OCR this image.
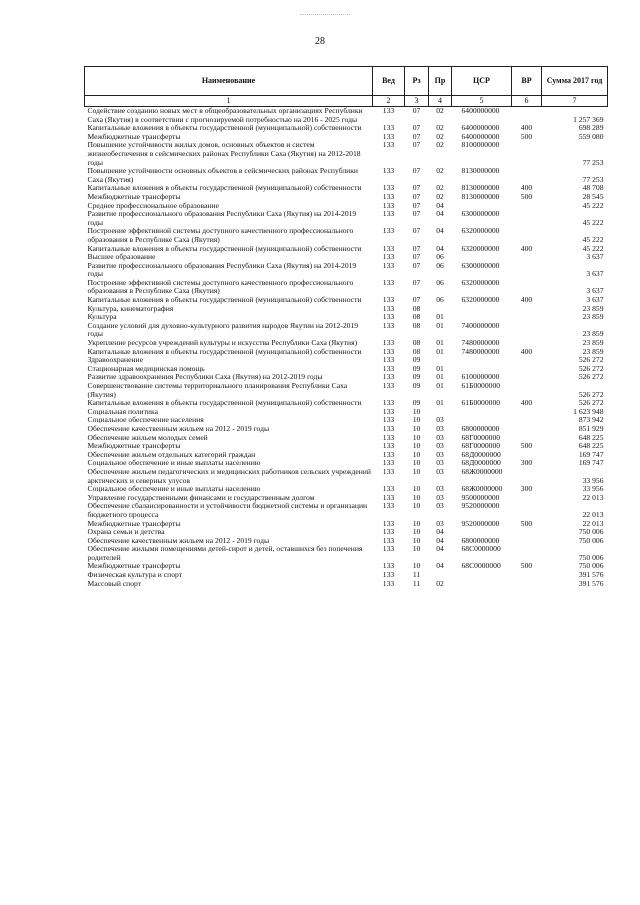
28
Наименование	Вед	Рз	Пр	ЦСР	ВР	Сумма 2017 год
1	2	3	4	5	6	7
Содействие созданию новых мест в общеобразовательных организациях Республики Саха (Якутия) в соответствии с прогнозируемой потребностью на 2016 - 2025 годы	133	07	02	6400000000		1 257 369
Капитальные вложения в объекты государственной (муниципальной) собственности	133	07	02	6400000000	400	698 289
Межбюджетные трансферты	133	07	02	6400000000	500	559 080
Повышение устойчивости жилых домов, основных объектов и систем жизнеобеспечения в сейсмических районах Республики Саха (Якутия) на 2012-2018 годы	133	07	02	8100000000		77 253
Повышение устойчивости основных объектов в сейсмических районах Республики Саха (Якутия)	133	07	02	8130000000		77 253
Капитальные вложения в объекты государственной (муниципальной) собственности	133	07	02	8130000000	400	48 708
Межбюджетные трансферты	133	07	02	8130000000	500	28 545
Среднее профессиональное образование	133	07	04			45 222
Развитие профессионального образования Республики Саха (Якутия) на 2014-2019 годы	133	07	04	6300000000		45 222
Построение эффективной системы доступного качественного профессионального образования в Республике Саха (Якутия)	133	07	04	6320000000		45 222
Капитальные вложения в объекты государственной (муниципальной) собственности	133	07	04	6320000000	400	45 222
Высшее образование	133	07	06			3 637
Развитие профессионального образования Республики Саха (Якутия) на 2014-2019 годы	133	07	06	6300000000		3 637
Построение эффективной системы доступного качественного профессионального образования в Республике Саха (Якутия)	133	07	06	6320000000		3 637
Капитальные вложения в объекты государственной (муниципальной) собственности	133	07	06	6320000000	400	3 637
Культура, кинематография	133	08				23 859
Культура	133	08	01			23 859
Создание условий для духовно-культурного развития народов Якутии на 2012-2019 годы	133	08	01	7400000000		23 859
Укрепление ресурсов учреждений культуры и искусства Республики Саха (Якутия)	133	08	01	7480000000		23 859
Капитальные вложения в объекты государственной (муниципальной) собственности	133	08	01	7480000000	400	23 859
Здравоохранение	133	09				526 272
Стационарная медицинская помощь	133	09	01			526 272
Развитие здравоохранения Республики Саха (Якутия) на 2012-2019 годы	133	09	01	6100000000		526 272
Совершенствование системы территориального планирования Республики Саха (Якутия)	133	09	01	61Б0000000		526 272
Капитальные вложения в объекты государственной (муниципальной) собственности	133	09	01	61Б0000000	400	526 272
Социальная политика	133	10				1 623 948
Социальное обеспечение населения	133	10	03			873 942
Обеспечение качественным жильем на 2012 - 2019 годы	133	10	03	6800000000		851 929
Обеспечение жильем молодых семей	133	10	03	68Г0000000		648 225
Межбюджетные трансферты	133	10	03	68Г0000000	500	648 225
Обеспечение жильем отдельных категорий граждан	133	10	03	68Д0000000		169 747
Социальное обеспечение и иные выплаты населению	133	10	03	68Д0000000	300	169 747
Обеспечение жильем педагогических и медицинских работников сельских учреждений арктических и северных улусов	133	10	03	68Ж0000000		33 956
Социальное обеспечение и иные выплаты населению	133	10	03	68Ж0000000	300	33 956
Управление государственными финансами и государственным долгом	133	10	03	9500000000		22 013
Обеспечение сбалансированности и устойчивости бюджетной системы и организации бюджетного процесса	133	10	03	9520000000		22 013
Межбюджетные трансферты	133	10	03	9520000000	500	22 013
Охрана семьи и детства	133	10	04			750 006
Обеспечение качественным жильем на 2012 - 2019 годы	133	10	04	6800000000		750 006
Обеспечение жилыми помещениями детей-сирот и детей, оставшихся без попечения родителей	133	10	04	68С0000000		750 006
Межбюджетные трансферты	133	10	04	68С0000000	500	750 006
Физическая культура и спорт	133	11				391 576
Массовый спорт	133	11	02			391 576
